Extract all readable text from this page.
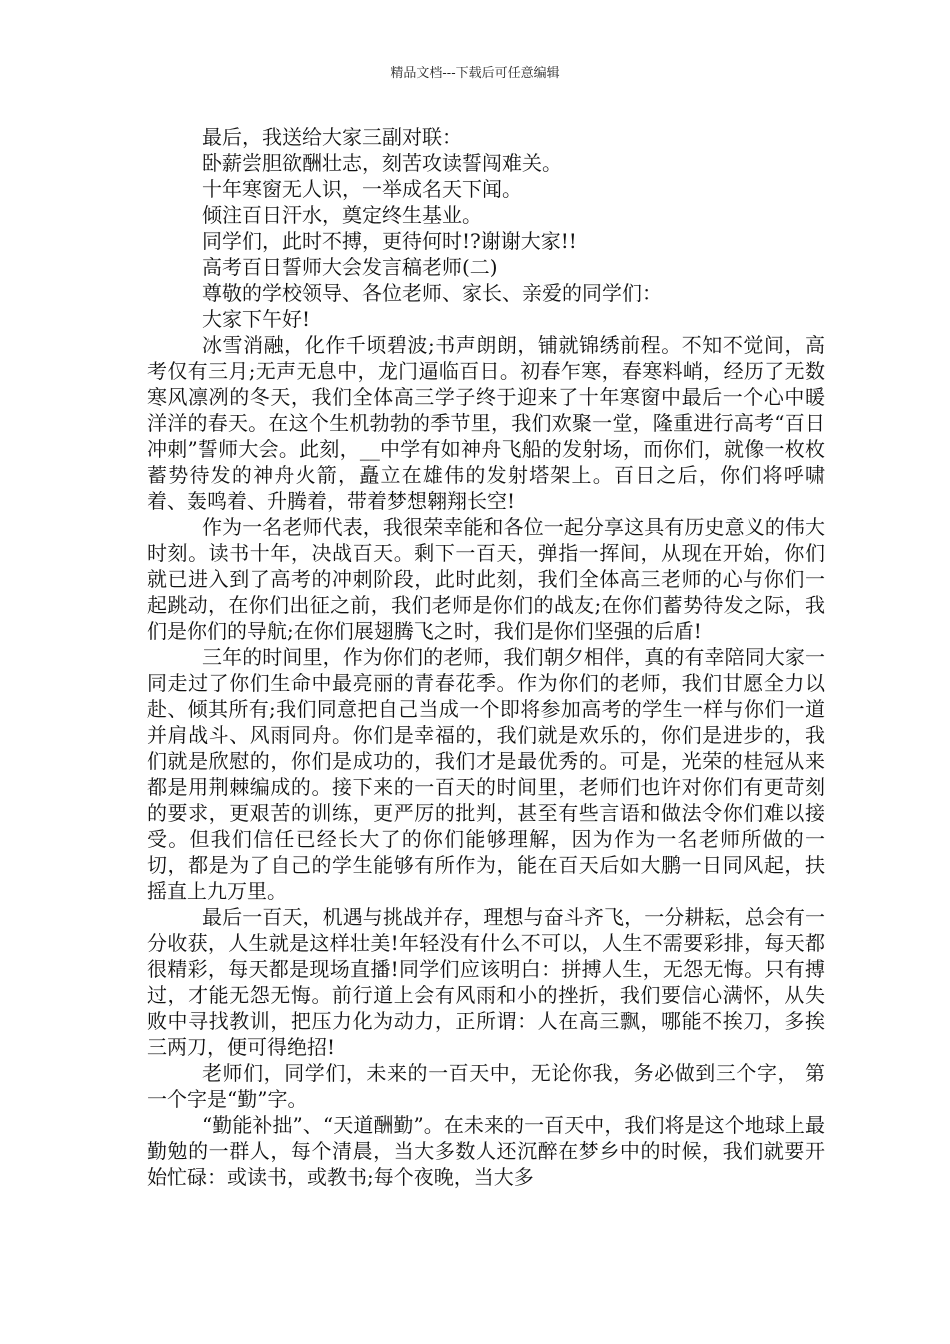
精品文档---下载后可任意编辑
最后，我送给大家三副对联：
卧薪尝胆欲酬壮志，刻苦攻读誓闯难关。
十年寒窗无人识，一举成名天下闻。
倾注百日汗水，奠定终生基业。
同学们，此时不搏，更待何时!?谢谢大家!!
高考百日誓师大会发言稿老师(二)
尊敬的学校领导、各位老师、家长、亲爱的同学们：
大家下午好!
冰雪消融，化作千顷碧波;书声朗朗，铺就锦绣前程。不知不觉间，高考仅有三月;无声无息中，龙门逼临百日。初春乍寒，春寒料峭，经历了无数寒风凛冽的冬天，我们全体高三学子终于迎来了十年寒窗中最后一个心中暖洋洋的春天。在这个生机勃勃的季节里，我们欢聚一堂，隆重进行高考“百日冲刺”誓师大会。此刻，__中学有如神舟飞船的发射场，而你们，就像一枚枚蓄势待发的神舟火箭，矗立在雄伟的发射塔架上。百日之后，你们将呼啸着、轰鸣着、升腾着，带着梦想翱翔长空!
作为一名老师代表，我很荣幸能和各位一起分享这具有历史意义的伟大时刻。读书十年，决战百天。剩下一百天，弹指一挥间，从现在开始，你们就已进入到了高考的冲刺阶段，此时此刻，我们全体高三老师的心与你们一起跳动，在你们出征之前，我们老师是你们的战友;在你们蓄势待发之际，我们是你们的导航;在你们展翅腾飞之时，我们是你们坚强的后盾!
三年的时间里，作为你们的老师，我们朝夕相伴，真的有幸陪同大家一同走过了你们生命中最亮丽的青春花季。作为你们的老师，我们甘愿全力以赴、倾其所有;我们同意把自己当成一个即将参加高考的学生一样与你们一道并肩战斗、风雨同舟。你们是幸福的，我们就是欢乐的，你们是进步的，我们就是欣慰的，你们是成功的，我们才是最优秀的。可是，光荣的桂冠从来都是用荆棘编成的。接下来的一百天的时间里，老师们也许对你们有更苛刻的要求，更艰苦的训练，更严厉的批判，甚至有些言语和做法令你们难以接受。但我们信任已经长大了的你们能够理解，因为作为一名老师所做的一切，都是为了自己的学生能够有所作为，能在百天后如大鹏一日同风起，扶摇直上九万里。
最后一百天，机遇与挑战并存，理想与奋斗齐飞，一分耕耘，总会有一分收获，人生就是这样壮美!年轻没有什么不可以，人生不需要彩排，每天都很精彩，每天都是现场直播!同学们应该明白：拼搏人生，无怨无悔。只有搏过，才能无怨无悔。前行道上会有风雨和小的挫折，我们要信心满怀，从失败中寻找教训，把压力化为动力，正所谓：人在高三飘，哪能不挨刀，多挨三两刀，便可得绝招!
老师们，同学们，未来的一百天中，无论你我，务必做到三个字， 第一个字是“勤”字。
“勤能补拙”、“天道酬勤”。在未来的一百天中，我们将是这个地球上最勤勉的一群人，每个清晨，当大多数人还沉醉在梦乡中的时候，我们就要开始忙碌：或读书，或教书;每个夜晚，当大多
